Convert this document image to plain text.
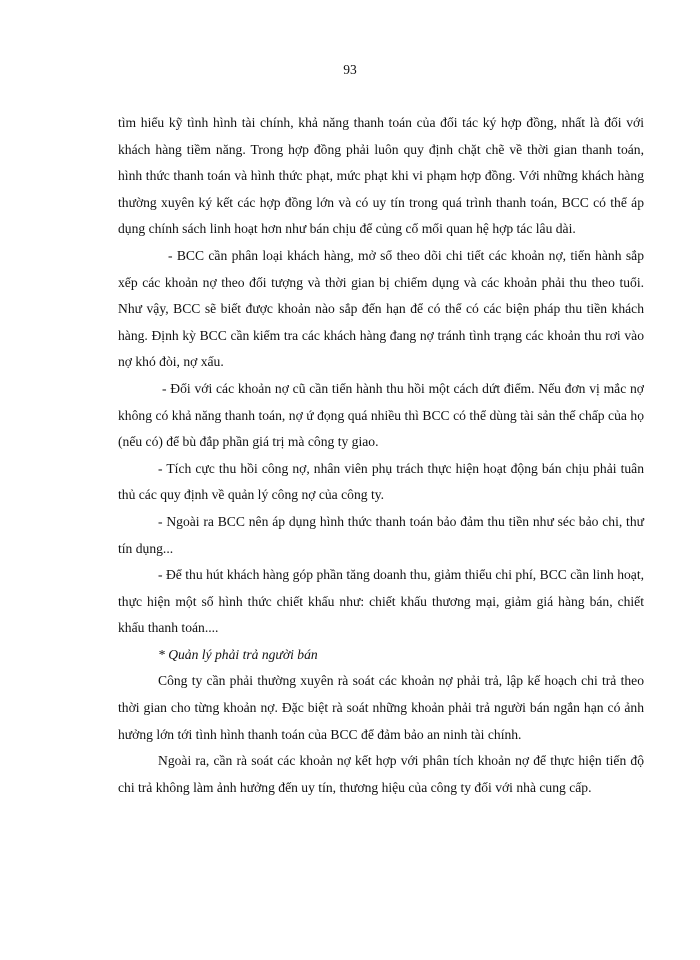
93

tìm hiểu kỹ tình hình tài chính, khả năng thanh toán của đối tác ký hợp đồng, nhất là đối với khách hàng tiềm năng. Trong hợp đồng phải luôn quy định chặt chẽ về thời gian thanh toán, hình thức thanh toán và hình thức phạt, mức phạt khi vi phạm hợp đồng. Với những khách hàng thường xuyên ký kết các hợp đồng lớn và có uy tín trong quá trình thanh toán, BCC có thể áp dụng chính sách linh hoạt hơn như bán chịu để củng cố mối quan hệ hợp tác lâu dài.

- BCC cần phân loại khách hàng, mở sổ theo dõi chi tiết các khoản nợ, tiến hành sắp xếp các khoản nợ theo đối tượng và thời gian bị chiếm dụng và các khoản phải thu theo tuổi. Như vậy, BCC sẽ biết được khoản nào sắp đến hạn để có thể có các biện pháp thu tiền khách hàng. Định kỳ BCC cần kiểm tra các khách hàng đang nợ tránh tình trạng các khoản thu rơi vào nợ khó đòi, nợ xấu.

- Đối với các khoản nợ cũ cần tiến hành thu hồi một cách dứt điểm. Nếu đơn vị mắc nợ không có khả năng thanh toán, nợ ứ đọng quá nhiều thì BCC có thể dùng tài sản thế chấp của họ (nếu có) để bù đắp phần giá trị mà công ty giao.

- Tích cực thu hồi công nợ, nhân viên phụ trách thực hiện hoạt động bán chịu phải tuân thủ các quy định về quản lý công nợ của công ty.

- Ngoài ra BCC nên áp dụng hình thức thanh toán bảo đảm thu tiền như séc bảo chi, thư tín dụng...

- Để thu hút khách hàng góp phần tăng doanh thu, giảm thiểu chi phí, BCC cần linh hoạt, thực hiện một số hình thức chiết khấu như: chiết khấu thương mại, giảm giá hàng bán, chiết khấu thanh toán....

* Quản lý phải trả người bán

Công ty cần phải thường xuyên rà soát các khoản nợ phải trả, lập kế hoạch chi trả theo thời gian cho từng khoản nợ. Đặc biệt rà soát những khoản phải trả người bán ngắn hạn có ảnh hưởng lớn tới tình hình thanh toán của BCC để đảm bảo an ninh tài chính.

Ngoài ra, cần rà soát các khoản nợ kết hợp với phân tích khoản nợ để thực hiện tiến độ chi trả không làm ảnh hưởng đến uy tín, thương hiệu của công ty đối với nhà cung cấp.
